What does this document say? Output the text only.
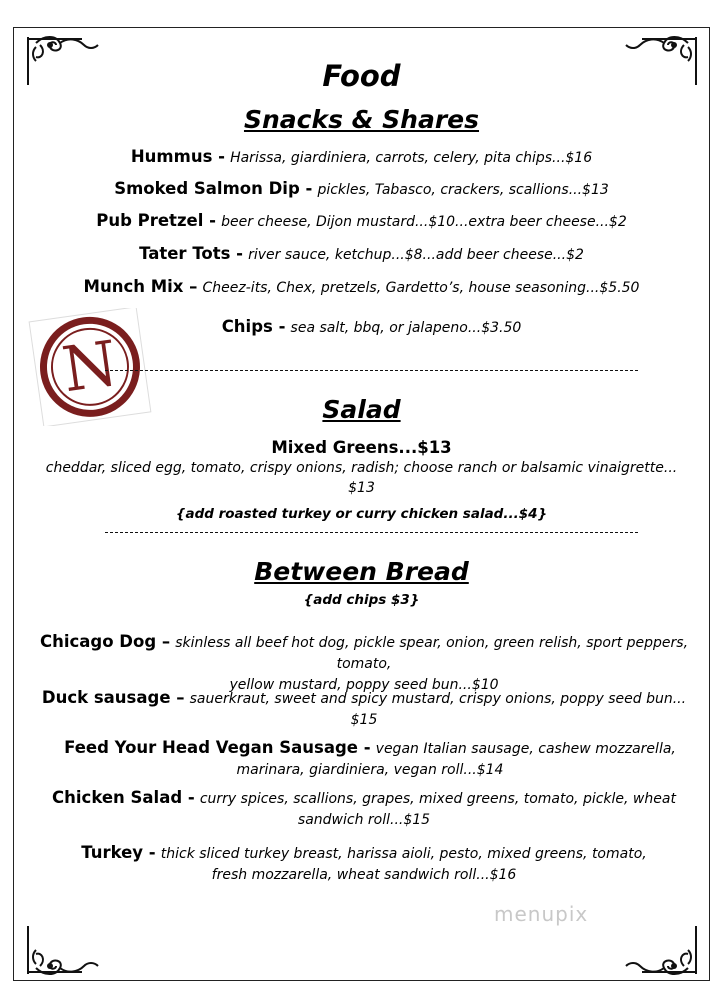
N
Food
Snacks & Shares
Hummus - Harissa, giardiniera, carrots, celery, pita chips...$16
Smoked Salmon Dip - pickles, Tabasco, crackers, scallions...$13
Pub Pretzel - beer cheese, Dijon mustard...$10...extra beer cheese...$2
Tater Tots - river sauce, ketchup...$8...add beer cheese...$2
Munch Mix – Cheez-its, Chex, pretzels, Gardetto’s, house seasoning...$5.50
Chips - sea salt, bbq, or jalapeno...$3.50
Salad
Mixed Greens...$13
cheddar, sliced egg, tomato, crispy onions, radish; choose ranch or balsamic vinaigrette...
$13
{add roasted turkey or curry chicken salad...$4}
Between Bread
{add chips $3}
Chicago Dog – skinless all beef hot dog, pickle spear, onion, green relish, sport peppers,
tomato,
yellow mustard, poppy seed bun...$10
Duck sausage – sauerkraut, sweet and spicy mustard, crispy onions, poppy seed bun...
$15
Feed Your Head Vegan Sausage - vegan Italian sausage, cashew mozzarella,
marinara, giardiniera, vegan roll...$14
Chicken Salad - curry spices, scallions, grapes, mixed greens, tomato, pickle, wheat
sandwich roll...$15
Turkey - thick sliced turkey breast, harissa aioli, pesto, mixed greens, tomato,
fresh mozzarella, wheat sandwich roll...$16
menupix
